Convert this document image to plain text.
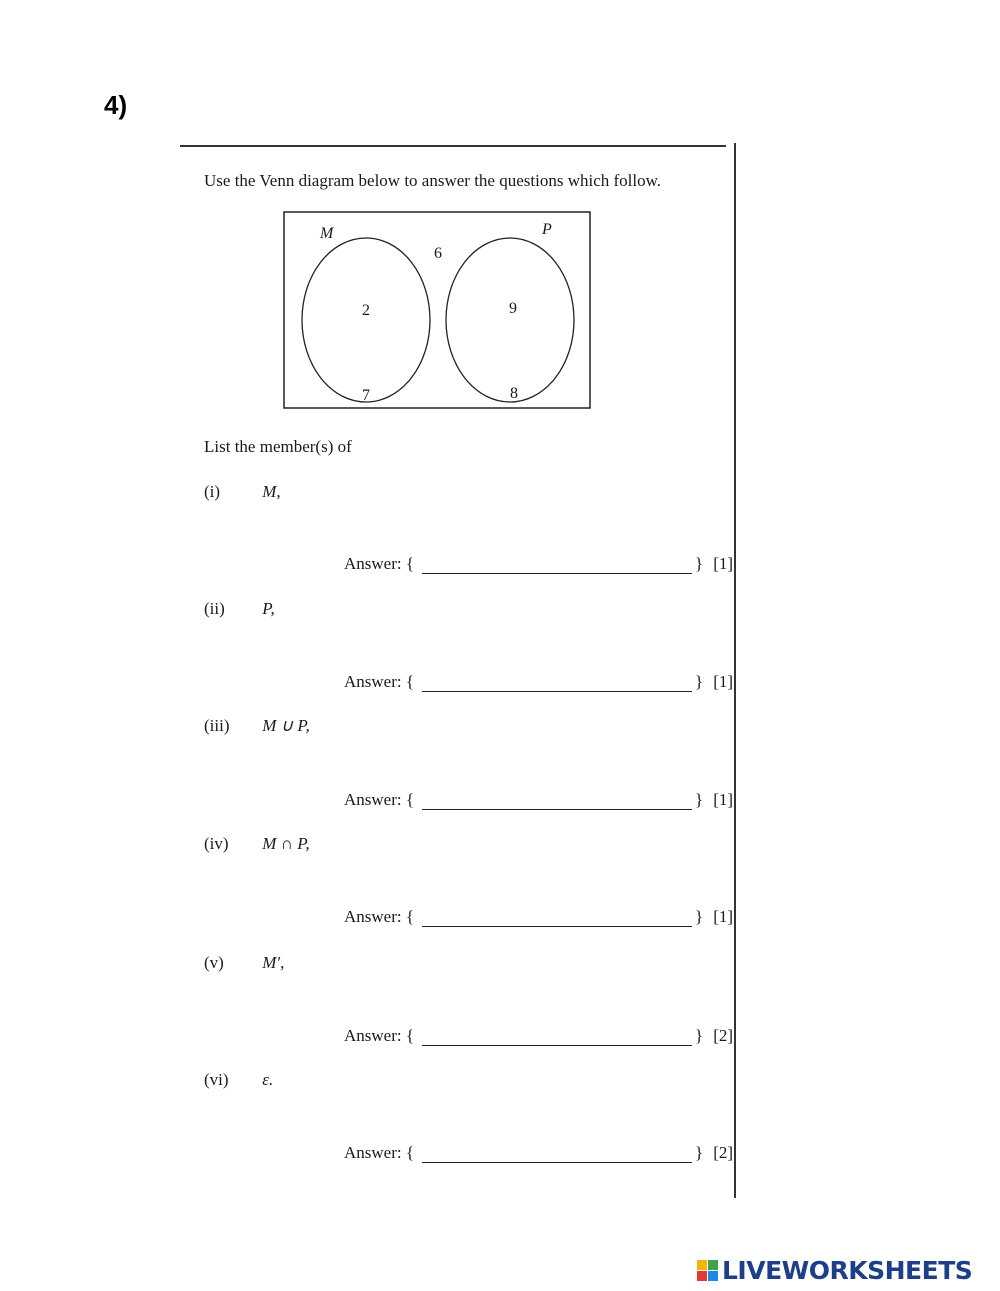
4)
Use the Venn diagram below to answer the questions which follow.
M	P
6
2	9
7	8
List the member(s) of
(i) M,
Answer: {	} [1]
(ii) P,
Answer: {	} [1]
(iii) M ∪ P,
Answer: {	} [1]
(iv) M ∩ P,
Answer: {	} [1]
(v) M′,
Answer: {	} [2]
(vi) ε.
Answer: {	} [2]
LIVEWORKSHEETS
